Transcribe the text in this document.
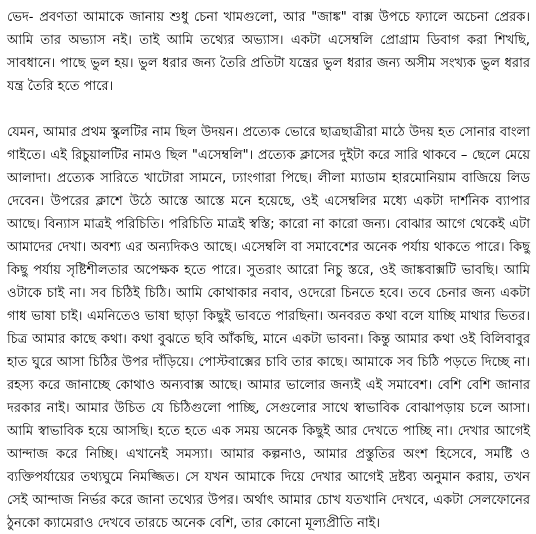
ভেদ- প্রবণতা আমাকে জানায় শুধু চেনা খামগুলো, আর "জাঙ্ক" বাক্স উপচে ফ্যালে অচেনা প্রেরক। আমি তার অভ্যাস নই। তাই আমি তথ্যের অভ্যাস। একটা এসেম্বলি প্রোগ্রাম ডিবাগ করা শিখছি, সাবধানে। পাছে ভুল হয়। ভুল ধরার জন্য তৈরি প্রতিটা যন্ত্রের ভুল ধরার জন্য অসীম সংখ্যক ভুল ধরার যন্ত্র তৈরি হতে পারে।

যেমন, আমার প্রথম স্কুলটির নাম ছিল উদয়ন। প্রত্যেক ভোরে ছাত্রছাত্রীরা মাঠে উদয় হত সোনার বাংলা গাইতে। এই রিচুয়ালটির নামও ছিল "এসেম্বলি"। প্রত্যেক ক্লাসের দুইটা করে সারি থাকবে – ছেলে মেয়ে আলাদা। প্রত্যেক সারিতে খাটোরা সামনে, ঢ্যাংগারা পিছে। লীলা ম্যাডাম হারমোনিয়াম বাজিয়ে লিড দেবেন। উপরের ক্লাশে উঠে আস্তে আস্তে মনে হয়েছে, ওই এসেম্বলির মধ্যে একটা দার্শনিক ব্যাপার আছে। বিন্যাস মাত্রই পরিচিতি। পরিচিতি মাত্রই স্বস্তি; কারো না কারো জন্য। বোঝার আগে থেকেই এটা আমাদের দেখা। অবশ্য এর অন্যদিকও আছে। এসেম্বলি বা সমাবেশের অনেক পর্যায় থাকতে পারে। কিছু কিছু পর্যায় সৃষ্টিশীলতার অপেক্ষক হতে পারে। সুতরাং আরো নিচু স্তরে, ওই জাঙ্কবাক্সটি ভাবছি। আমি ওটাকে চাই না। সব চিঠিই চিঠি। আমি কোথাকার নবাব, ওদেরো চিনতে হবে। তবে চেনার জন্য একটা গাধ ভাষা চাই। এমনিতেও ভাষা ছাড়া কিছুই ভাবতে পারছিনা। অনবরত কথা বলে যাচ্ছি মাথার ভিতর। চিত্র আমার কাছে কথা। কথা বুঝতে ছবি আঁকছি, মানে একটা ভাবনা। কিন্তু আমার কথা ওই বিলিবাবুর হাত ঘুরে আসা চিঠির উপর দাঁড়িয়ে। পোস্টবাক্সের চাবি তার কাছে। আমাকে সব চিঠি পড়তে দিচ্ছে না। রহস্য করে জানাচ্ছে কোথাও অন্যবাক্স আছে। আমার ভালোর জন্যই এই সমাবেশ। বেশি বেশি জানার দরকার নাই। আমার উচিত যে চিঠিগুলো পাচ্ছি, সেগুলোর সাথে স্বাভাবিক বোঝাপড়ায় চলে আসা। আমি স্বাভাবিক হয়ে আসছি। হতে হতে এক সময় অনেক কিছুই আর দেখতে পাচ্ছি না। দেখার আগেই আন্দাজ করে নিচ্ছি। এখানেই সমস্যা। আমার কল্পনাও, আমার প্রস্তুতির অংশ হিসেবে, সমষ্টি ও ব্যক্তিপর্যায়ের তথ্যঘুমে নিমজ্জিত। সে যখন আমাকে দিয়ে দেখার আগেই দ্রষ্টব্য অনুমান করায়, তখন সেই আন্দাজ নির্ভর করে জানা তথ্যের উপর। অর্থাৎ আমার চোখ যতখানি দেখবে, একটা সেলফোনের ঠুনকো ক্যামেরাও দেখবে তারচে অনেক বেশি, তার কোনো মূল্যপ্রীতি নাই।
